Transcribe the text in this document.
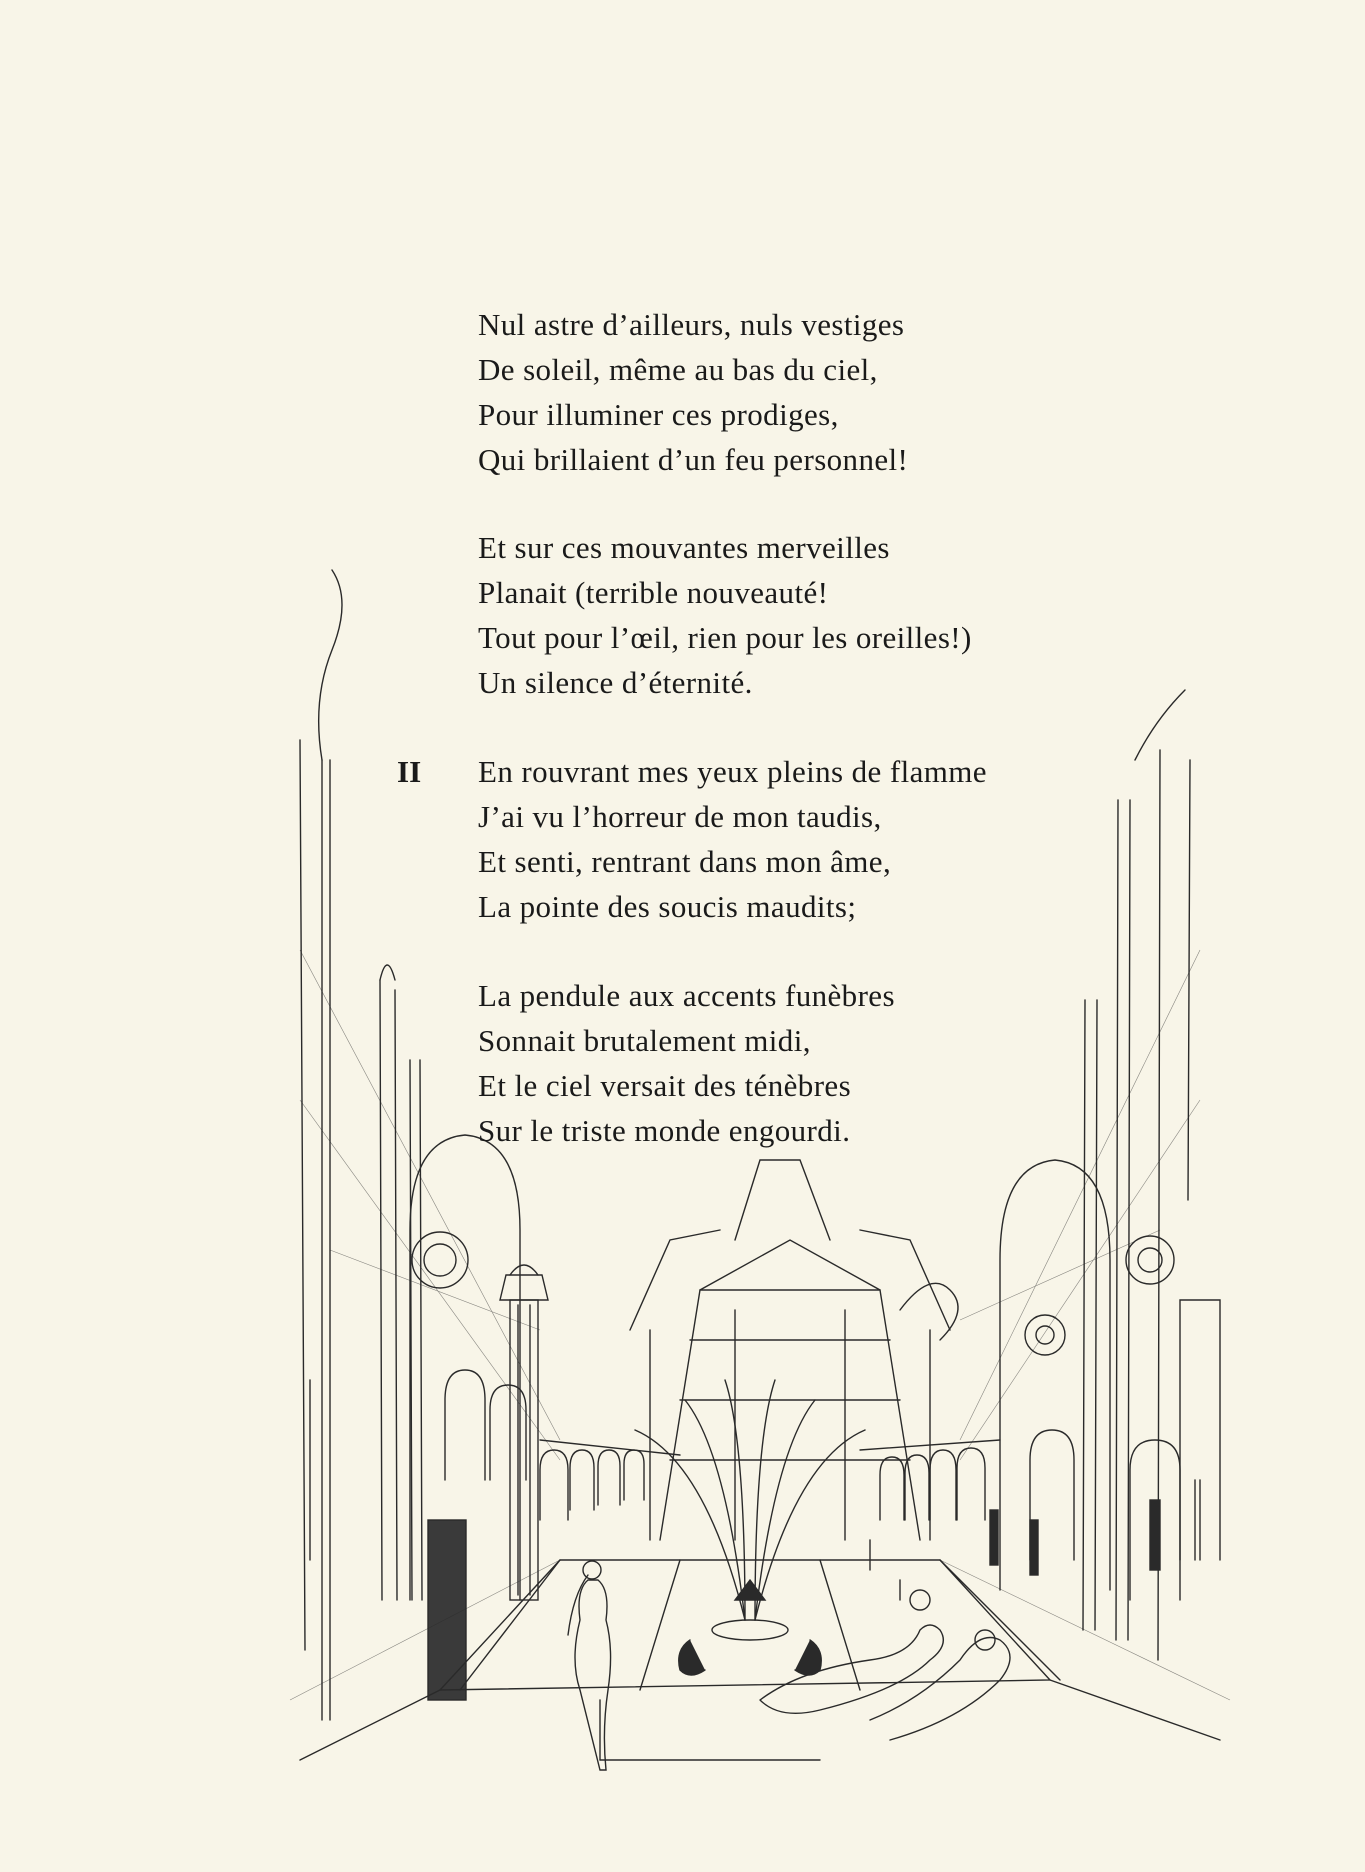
Nul astre d’ailleurs, nuls vestiges
De soleil, même au bas du ciel,
Pour illuminer ces prodiges,
Qui brillaient d’un feu personnel!
Et sur ces mouvantes merveilles
Planait (terrible nouveauté!
Tout pour l’œil, rien pour les oreilles!)
Un silence d’éternité.
II En rouvrant mes yeux pleins de flamme
J’ai vu l’horreur de mon taudis,
Et senti, rentrant dans mon âme,
La pointe des soucis maudits;
La pendule aux accents funèbres
Sonnait brutalement midi,
Et le ciel versait des ténèbres
Sur le triste monde engourdi.
